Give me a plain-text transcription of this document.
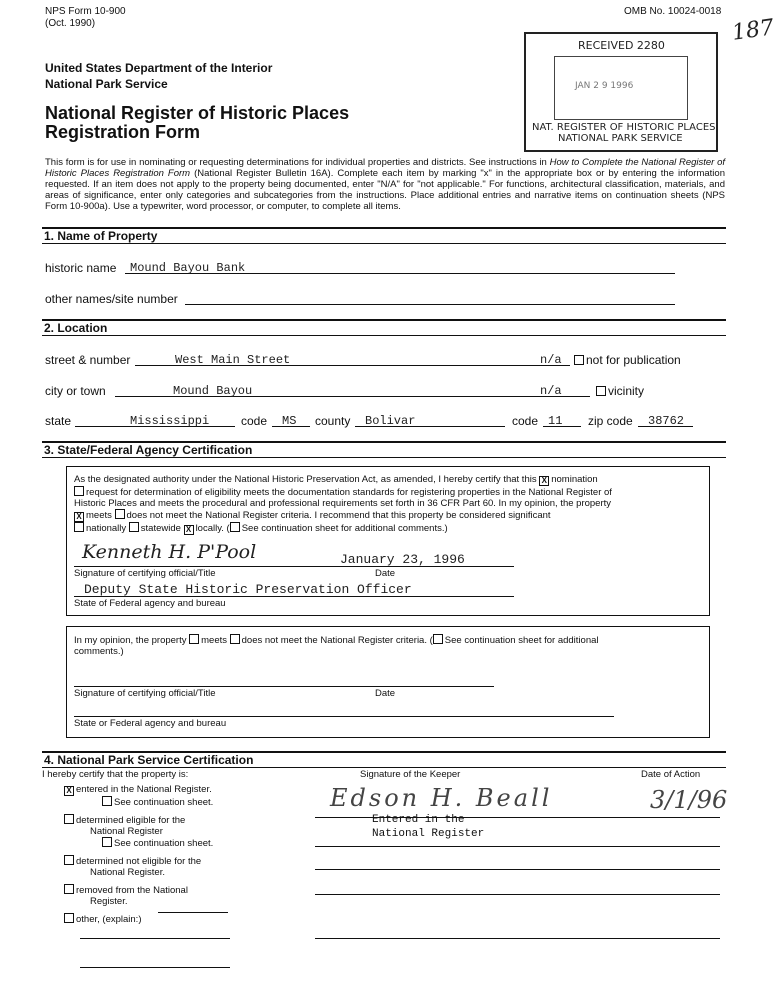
NPS Form 10-900
(Oct. 1990)
OMB No. 10024-0018
187
United States Department of the Interior
National Park Service
National Register of Historic Places
Registration Form
RECEIVED 2280
JAN 2 9 1996
NAT. REGISTER OF HISTORIC PLACES
NATIONAL PARK SERVICE
This form is for use in nominating or requesting determinations for individual properties and districts. See instructions in How to Complete the National Register of Historic Places Registration Form (National Register Bulletin 16A). Complete each item by marking "x" in the appropriate box or by entering the information requested. If an item does not apply to the property being documented, enter "N/A" for "not applicable." For functions, architectural classification, materials, and areas of significance, enter only categories and subcategories from the instructions. Place additional entries and narrative items on continuation sheets (NPS Form 10-900a). Use a typewriter, word processor, or computer, to complete all items.
1. Name of Property
historic name Mound Bayou Bank
other names/site number
2. Location
street & number	West Main Street	n/a	not for publication
city or town	Mound Bayou	n/a	vicinity
state	Mississippi	code MS county Bolivar	code 11 zip code 38762
3. State/Federal Agency Certification
As the designated authority under the National Historic Preservation Act, as amended, I hereby certify that this X nomination
request for determination of eligibility meets the documentation standards for registering properties in the National Register of
Historic Places and meets the procedural and professional requirements set forth in 36 CFR Part 60. In my opinion, the property
X meets does not meet the National Register criteria. I recommend that this property be considered significant
nationally statewide X locally. ( See continuation sheet for additional comments.)
Kenneth H. P'Pool	January 23, 1996
Signature of certifying official/Title	Date
Deputy State Historic Preservation Officer
State of Federal agency and bureau
In my opinion, the property meets does not meet the National Register criteria. ( See continuation sheet for additional
comments.)
Signature of certifying official/Title	Date
State or Federal agency and bureau
4. National Park Service Certification
I hereby certify that the property is:	Signature of the Keeper	Date of Action
Edson H. Beall	3/1/96
Entered in the
National Register
X entered in the National Register.
See continuation sheet.
determined eligible for the
National Register
See continuation sheet.
determined not eligible for the
National Register.
removed from the National
Register.
other, (explain:)
